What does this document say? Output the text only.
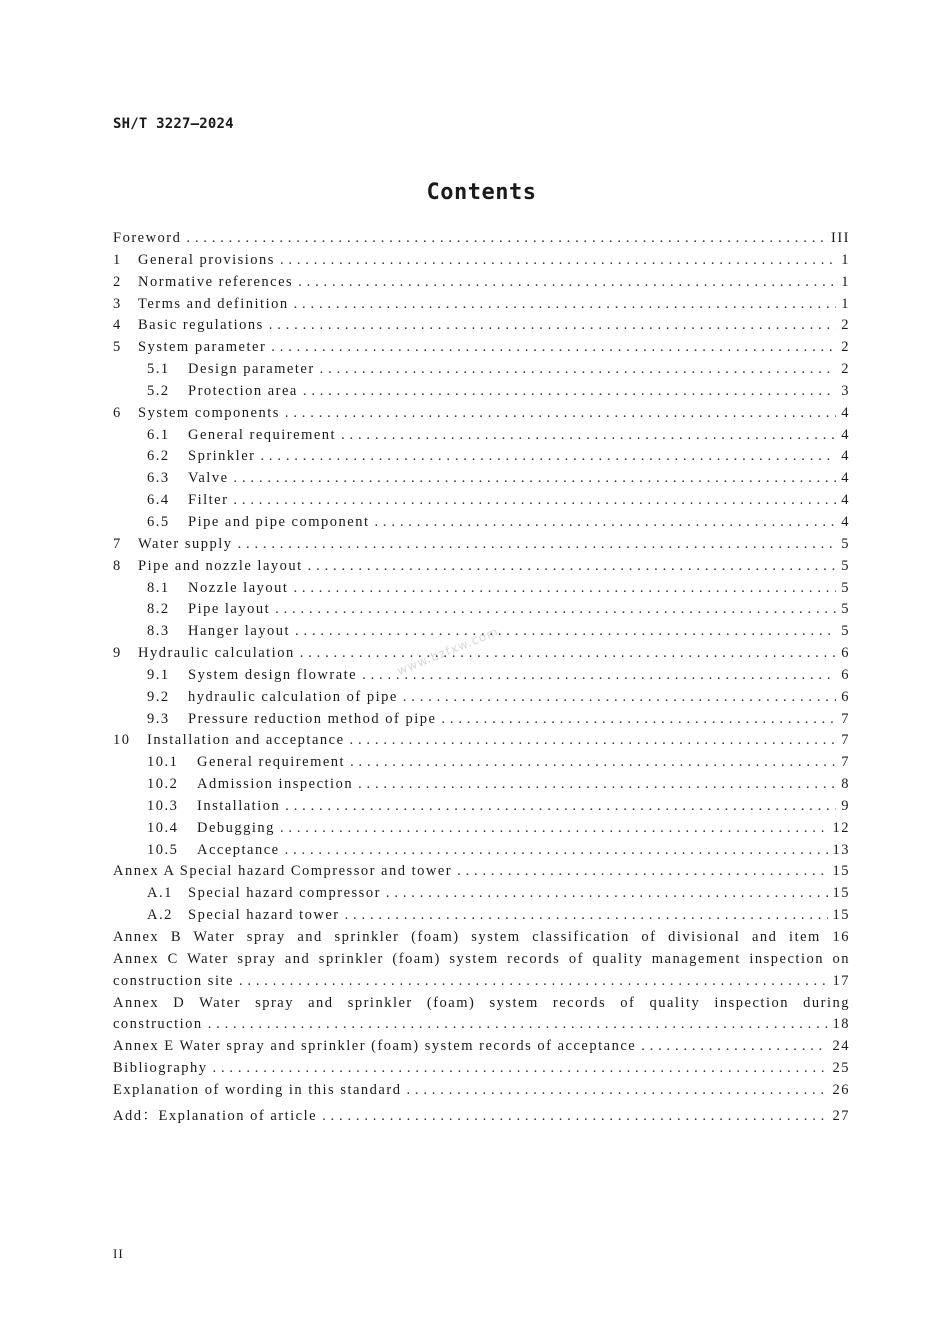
SH/T 3227—2024
Contents
www.bzfxw.com
Foreword . . .	III
1	General provisions . . .	1
2	Normative references . . .	1
3	Terms and definition . . .	1
4	Basic regulations . . .	2
5	System parameter . . .	2
5.1	Design parameter . . .	2
5.2	Protection area . . .	3
6	System components . . .	4
6.1	General requirement . . .	4
6.2	Sprinkler . . .	4
6.3	Valve . . .	4
6.4	Filter . . .	4
6.5	Pipe and pipe component . . .	4
7	Water supply . . .	5
8	Pipe and nozzle layout . . .	5
8.1	Nozzle layout . . .	5
8.2	Pipe layout . . .	5
8.3	Hanger layout . . .	5
9	Hydraulic calculation . . .	6
9.1	System design flowrate . . .	6
9.2	hydraulic calculation of pipe . . .	6
9.3	Pressure reduction method of pipe . . .	7
10	Installation and acceptance . . .	7
10.1	General requirement . . .	7
10.2	Admission inspection . . .	8
10.3	Installation . . .	9
10.4	Debugging . . .	12
10.5	Acceptance . . .	13
Annex A Special hazard Compressor and tower . . .	15
A.1	Special hazard compressor . . .	15
A.2	Special hazard tower . . .	15
Annex B Water spray and sprinkler (foam) system classification of divisional and item 16
Annex C Water spray and sprinkler (foam) system records of quality management inspection on
construction site . . .	17
Annex D Water spray and sprinkler (foam) system records of quality inspection during
construction . . .	18
Annex E Water spray and sprinkler (foam) system records of acceptance . . .	24
Bibliography . . .	25
Explanation of wording in this standard . . .	26
Add：Explanation of article . . .	27
II
